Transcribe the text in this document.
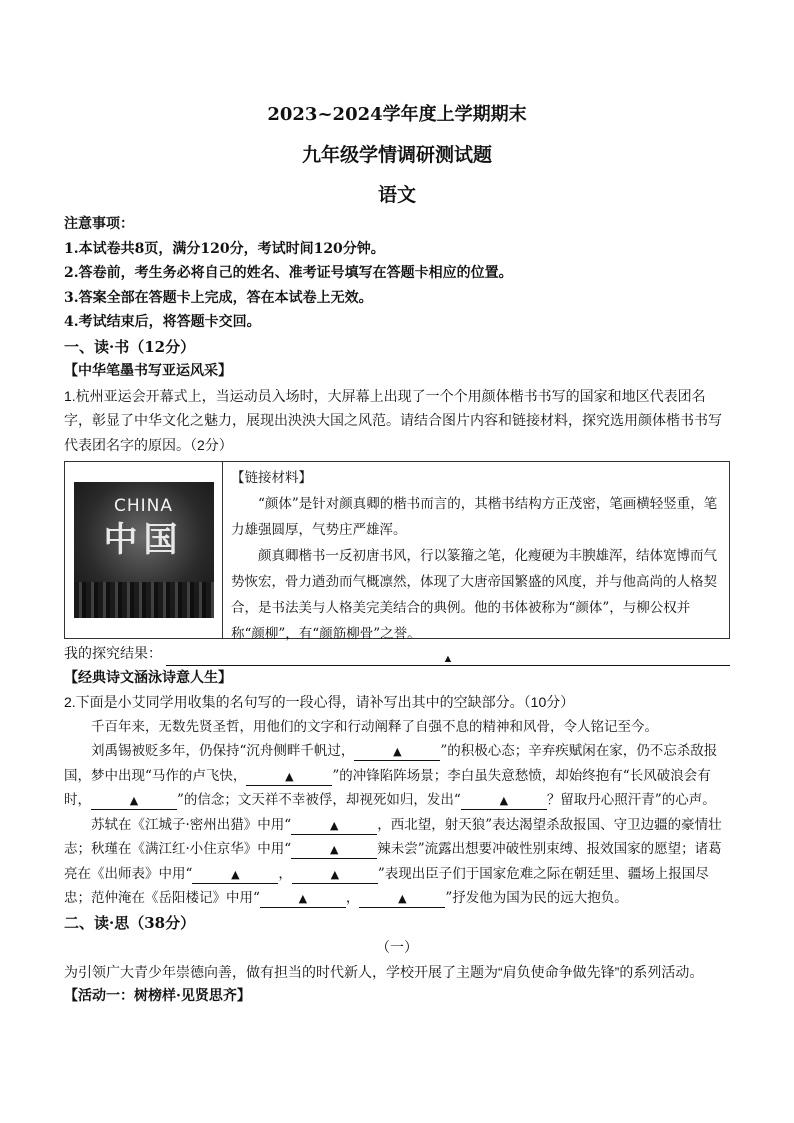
2023~2024学年度上学期期末
九年级学情调研测试题
语文
注意事项：
1.本试卷共8页，满分120分，考试时间120分钟。
2.答卷前，考生务必将自己的姓名、准考证号填写在答题卡相应的位置。
3.答案全部在答题卡上完成，答在本试卷上无效。
4.考试结束后，将答题卡交回。
一、读·书（12分）
【中华笔墨书写亚运风采】
1.杭州亚运会开幕式上，当运动员入场时，大屏幕上出现了一个个用颜体楷书书写的国家和地区代表团名字，彰显了中华文化之魅力，展现出泱泱大国之风范。请结合图片内容和链接材料，探究选用颜体楷书书写代表团名字的原因。（2分）
CHINA
中国
【链接材料】
“颜体”是针对颜真卿的楷书而言的，其楷书结构方正茂密，笔画横轻竖重，笔力雄强圆厚，气势庄严雄浑。
颜真卿楷书一反初唐书风，行以篆籀之笔，化瘦硬为丰腴雄浑，结体宽博而气势恢宏，骨力遒劲而气概凛然，体现了大唐帝国繁盛的风度，并与他高尚的人格契合，是书法美与人格美完美结合的典例。他的书体被称为“颜体”，与柳公权并称“颜柳”，有“颜筋柳骨”之誉。
我的探究结果：	▲
【经典诗文涵泳诗意人生】
2.下面是小艾同学用收集的名句写的一段心得，请补写出其中的空缺部分。（10分）
千百年来，无数先贤圣哲，用他们的文字和行动阐释了自强不息的精神和风骨，令人铭记至今。
刘禹锡被贬多年，仍保持“沉舟侧畔千帆过，	▲	”的积极心态；辛弃疾赋闲在家，仍不忘杀敌报国，梦中出现“马作的卢飞快，	▲	”的冲锋陷阵场景；李白虽失意愁愤，却始终抱有“长风破浪会有时，	▲	”的信念；文天祥不幸被俘，却视死如归，发出“	▲	？留取丹心照汗青”的心声。
苏轼在《江城子·密州出猎》中用“	▲	，西北望，射天狼”表达渴望杀敌报国、守卫边疆的豪情壮志；秋瑾在《满江红·小住京华》中用“	▲	辣未尝”流露出想要冲破性别束缚、报效国家的愿望；诸葛亮在《出师表》中用“	▲	，	▲	”表现出臣子们于国家危难之际在朝廷里、疆场上报国尽忠；范仲淹在《岳阳楼记》中用“	▲	，	▲	”抒发他为国为民的远大抱负。
二、读·思（38分）
（一）
为引领广大青少年崇德向善，做有担当的时代新人，学校开展了主题为“肩负使命争做先锋”的系列活动。
【活动一：树榜样·见贤思齐】
